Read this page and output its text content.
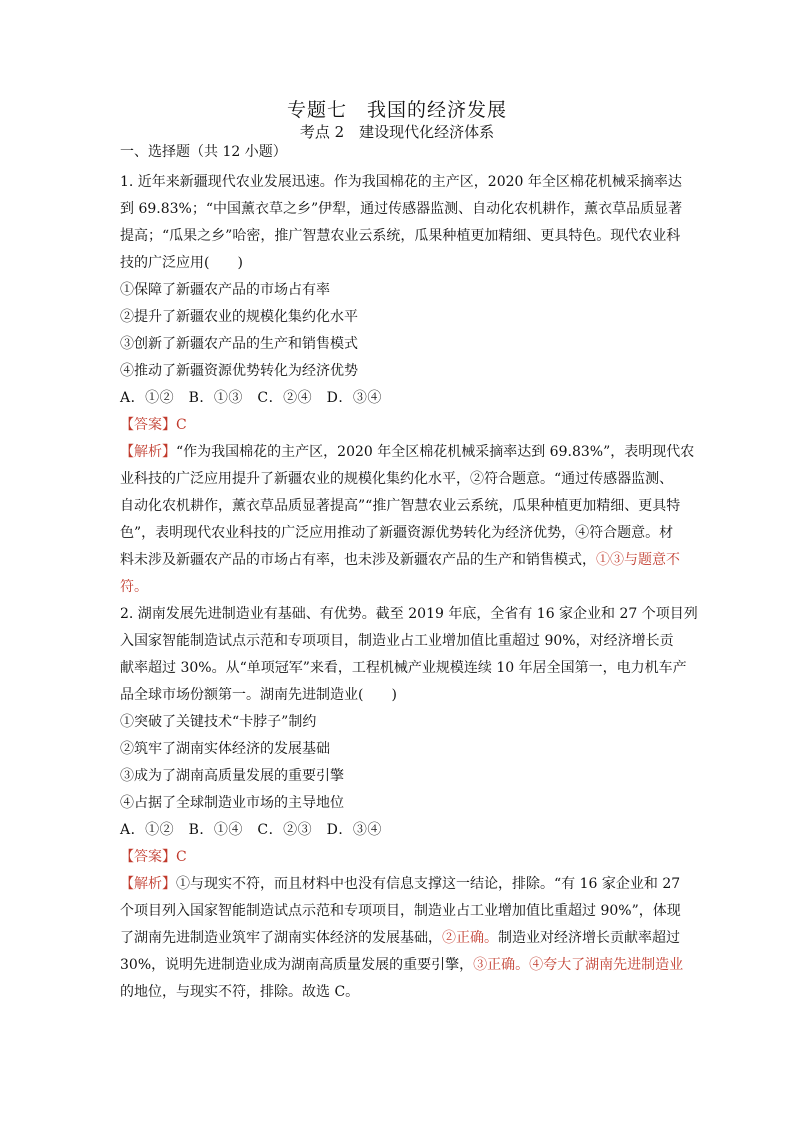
专题七　我国的经济发展
考点 2　建设现代化经济体系
一、选择题（共 12 小题）
1. 近年来新疆现代农业发展迅速。作为我国棉花的主产区，2020 年全区棉花机械采摘率达
到 69.83%；“中国薰衣草之乡”伊犁，通过传感器监测、自动化农机耕作，薰衣草品质显著
提高；“瓜果之乡”哈密，推广智慧农业云系统，瓜果种植更加精细、更具特色。现代农业科
技的广泛应用(　　)
①保障了新疆农产品的市场占有率
②提升了新疆农业的规模化集约化水平
③创新了新疆农产品的生产和销售模式
④推动了新疆资源优势转化为经济优势
A．①②　B．①③　C．②④　D．③④
【答案】C
【解析】“作为我国棉花的主产区，2020 年全区棉花机械采摘率达到 69.83%”，表明现代农
业科技的广泛应用提升了新疆农业的规模化集约化水平，②符合题意。“通过传感器监测、
自动化农机耕作，薰衣草品质显著提高”“推广智慧农业云系统，瓜果种植更加精细、更具特
色”，表明现代农业科技的广泛应用推动了新疆资源优势转化为经济优势，④符合题意。材
料未涉及新疆农产品的市场占有率，也未涉及新疆农产品的生产和销售模式，①③与题意不
符。
2. 湖南发展先进制造业有基础、有优势。截至 2019 年底，全省有 16 家企业和 27 个项目列
入国家智能制造试点示范和专项项目，制造业占工业增加值比重超过 90%，对经济增长贡
献率超过 30%。从“单项冠军”来看，工程机械产业规模连续 10 年居全国第一，电力机车产
品全球市场份额第一。湖南先进制造业(　　)
①突破了关键技术“卡脖子”制约
②筑牢了湖南实体经济的发展基础
③成为了湖南高质量发展的重要引擎
④占据了全球制造业市场的主导地位
A．①②　B．①④　C．②③　D．③④
【答案】C
【解析】①与现实不符，而且材料中也没有信息支撑这一结论，排除。“有 16 家企业和 27
个项目列入国家智能制造试点示范和专项项目，制造业占工业增加值比重超过 90%”，体现
了湖南先进制造业筑牢了湖南实体经济的发展基础，②正确。制造业对经济增长贡献率超过
30%，说明先进制造业成为湖南高质量发展的重要引擎，③正确。④夸大了湖南先进制造业
的地位，与现实不符，排除。故选 C。
